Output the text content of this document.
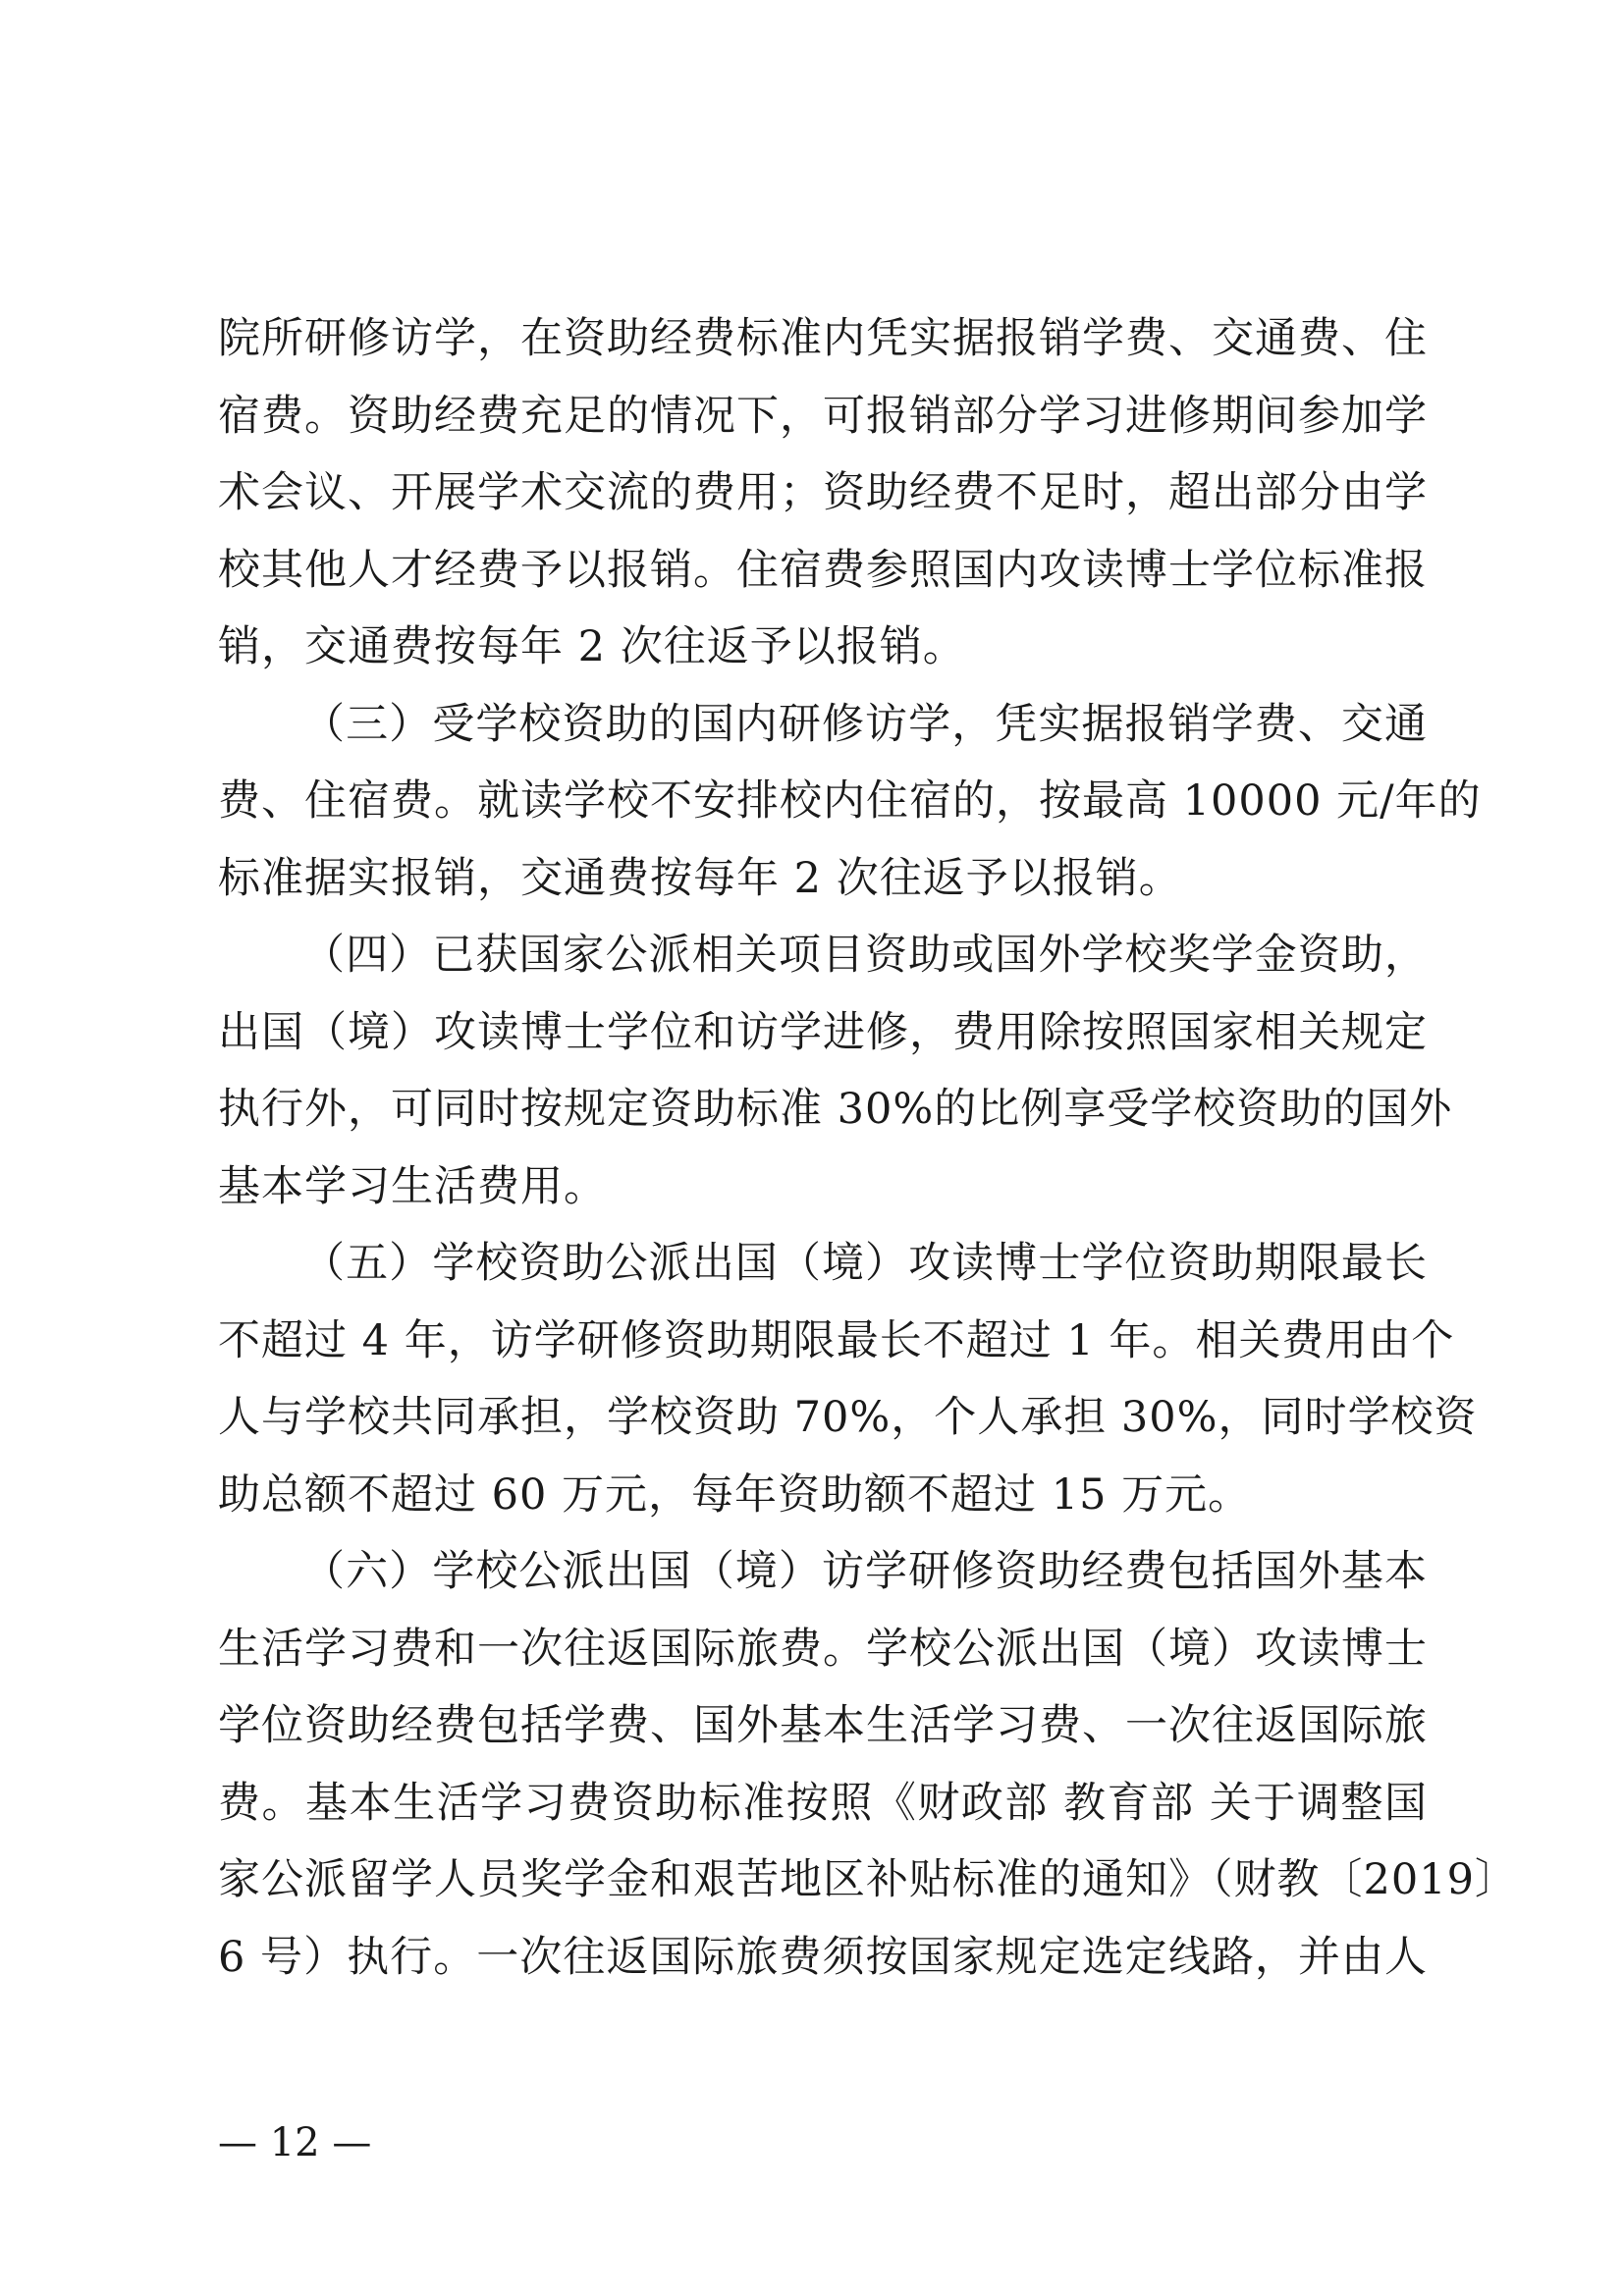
院所研修访学，在资助经费标准内凭实据报销学费、交通费、住
宿费。资助经费充足的情况下，可报销部分学习进修期间参加学
术会议、开展学术交流的费用；资助经费不足时，超出部分由学
校其他人才经费予以报销。住宿费参照国内攻读博士学位标准报
销，交通费按每年 2 次往返予以报销。
（三）受学校资助的国内研修访学，凭实据报销学费、交通
费、住宿费。就读学校不安排校内住宿的，按最高 10000 元/年的
标准据实报销，交通费按每年 2 次往返予以报销。
（四）已获国家公派相关项目资助或国外学校奖学金资助，
出国（境）攻读博士学位和访学进修，费用除按照国家相关规定
执行外，可同时按规定资助标准 30%的比例享受学校资助的国外
基本学习生活费用。
（五）学校资助公派出国（境）攻读博士学位资助期限最长
不超过 4 年，访学研修资助期限最长不超过 1 年。相关费用由个
人与学校共同承担，学校资助 70%，个人承担 30%，同时学校资
助总额不超过 60 万元，每年资助额不超过 15 万元。
（六）学校公派出国（境）访学研修资助经费包括国外基本
生活学习费和一次往返国际旅费。学校公派出国（境）攻读博士
学位资助经费包括学费、国外基本生活学习费、一次往返国际旅
费。基本生活学习费资助标准按照《财政部 教育部 关于调整国
家公派留学人员奖学金和艰苦地区补贴标准的通知》（财教〔2019〕
6 号）执行。一次往返国际旅费须按国家规定选定线路，并由人
— 12 —
